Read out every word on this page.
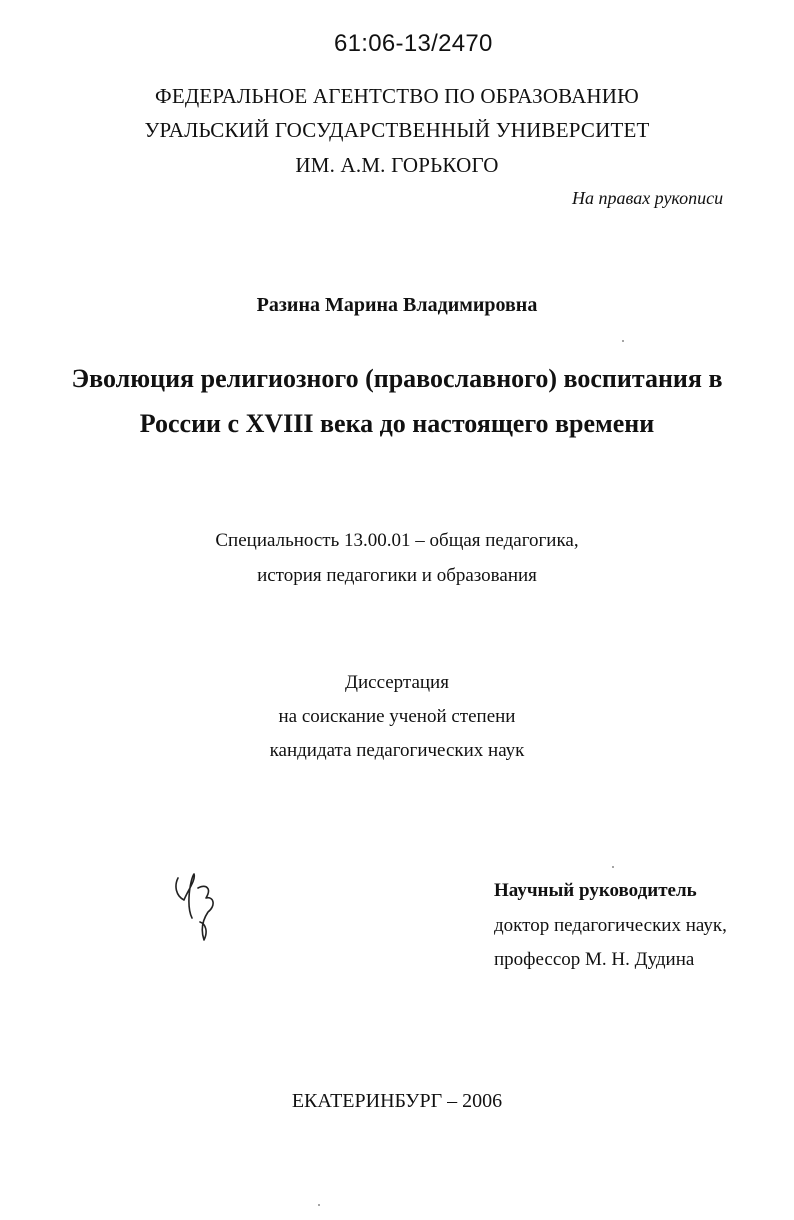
61:06-13/2470
ФЕДЕРАЛЬНОЕ АГЕНТСТВО ПО ОБРАЗОВАНИЮ
УРАЛЬСКИЙ ГОСУДАРСТВЕННЫЙ УНИВЕРСИТЕТ
ИМ. А.М. ГОРЬКОГО
На правах рукописи
Разина Марина Владимировна
Эволюция религиозного (православного) воспитания в
России с XVIII века до настоящего времени
Специальность 13.00.01 – общая педагогика,
история педагогики и образования
Диссертация
на соискание ученой степени
кандидата педагогических наук
Научный руководитель
доктор педагогических наук,
профессор М. Н. Дудина
ЕКАТЕРИНБУРГ – 2006
